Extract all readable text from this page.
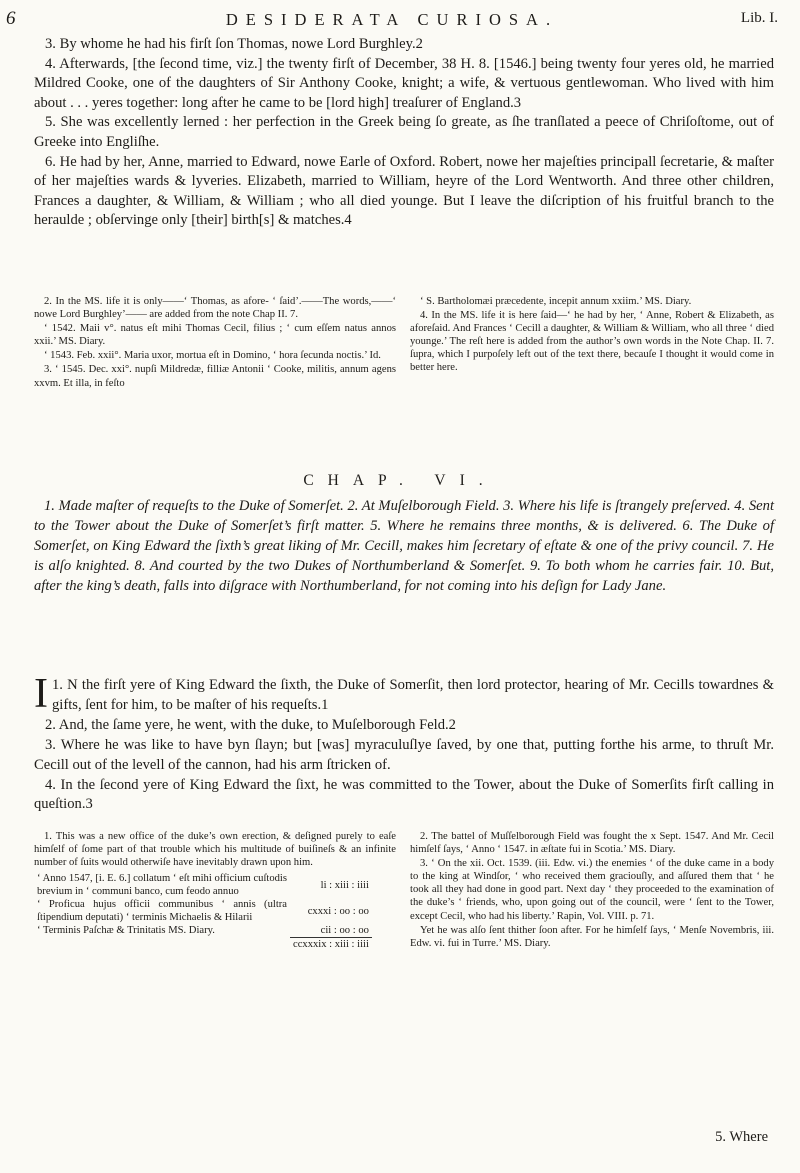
6	DESIDERATA CURIOSA.	Lib. I.

3. By whome he had his firſt ſon Thomas, nowe Lord Burghley.2

4. Afterwards, [the ſecond time, viz.] the twenty firſt of December, 38 H. 8. [1546.] being twenty four yeres old, he married Mildred Cooke, one of the daughters of Sir Anthony Cooke, knight; a wife, & vertuous gentlewoman. Who lived with him about . . . yeres together: long after he came to be [lord high] treaſurer of England.3

5. She was excellently lerned : her perfection in the Greek being ſo greate, as ſhe tranſlated a peece of Chriſoſtome, out of Greeke into Engliſhe.

6. He had by her, Anne, married to Edward, nowe Earle of Oxford. Robert, nowe her majeſties principall ſecretarie, & maſter of her majeſties wards & lyveries. Elizabeth, married to William, heyre of the Lord Wentworth. And three other children, Frances a daughter, & William, & William ; who all died younge. But I leave the diſcription of his fruitful branch to the heraulde ; obſervinge only [their] birth[s] & matches.4

2. In the MS. life it is only——‘ Thomas, as afore- ‘ ſaid’.——The words,——‘ nowe Lord Burghley’—— are added from the note Chap II. 7.

‘ 1542. Maii v°. natus eſt mihi Thomas Cecil, filius ; ‘ cum eſſem natus annos xxii.’ MS. Diary.

‘ 1543. Feb. xxii°. Maria uxor, mortua eſt in Domino, ‘ hora ſecunda noctis.’ Id.

3. ‘ 1545. Dec. xxi°. nupſi Mildredæ, filliæ Antonii ‘ Cooke, militis, annum agens xxvm. Et illa, in feſto

‘ S. Bartholomæi præcedente, incepit annum xxiim.’ MS. Diary.

4. In the MS. life it is here ſaid—‘ he had by her, ‘ Anne, Robert & Elizabeth, as aforeſaid. And Frances ‘ Cecill a daughter, & William & William, who all three ‘ died younge.’ The reſt here is added from the author’s own words in the Note Chap. II. 7. ſupra, which I purpoſely left out of the text there, becauſe I thought it would come in better here.

CHAP. VI.

1. Made maſter of requeſts to the Duke of Somerſet. 2. At Muſelborough Field. 3. Where his life is ſtrangely preſerved. 4. Sent to the Tower about the Duke of Somerſet’s firſt matter. 5. Where he remains three months, & is delivered. 6. The Duke of Somerſet, on King Edward the ſixth’s great liking of Mr. Cecill, makes him ſecretary of eſtate & one of the privy council. 7. He is alſo knighted. 8. And courted by the two Dukes of Northumberland & Somerſet. 9. To both whom he carries fair. 10. But, after the king’s death, falls into diſgrace with Northumberland, for not coming into his deſign for Lady Jane.

1.
I N the firſt yere of King Edward the ſixth, the Duke of Somerſit, then lord protector, hearing of Mr. Cecills towardnes & gifts, ſent for him, to be maſter of his requeſts.1

2. And, the ſame yere, he went, with the duke, to Muſelborough Feld.2

3. Where he was like to have byn ſlayn; but [was] myraculuſlye ſaved, by one that, putting forthe his arme, to thruſt Mr. Cecill out of the levell of the cannon, had his arm ſtricken of.

4. In the ſecond yere of King Edward the ſixt, he was committed to the Tower, about the Duke of Somerſits firſt calling in queſtion.3

1. This was a new office of the duke’s own erection, & deſigned purely to eaſe himſelf of ſome part of that trouble which his multitude of buiſineſs & an infinite number of ſuits would otherwiſe have inevitably drawn upon him.

‘ Anno 1547, [i. E. 6.] collatum ‘ eſt mihi officium cuſtodis brevium in ‘ communi banco, cum feodo annuo	li : xiii : iiii
‘ Proficua hujus officii communibus ‘ annis (ultra ſtipendium deputati) ‘ terminis Michaelis & Hilarii	cxxxi : oo : oo
‘ Terminis Paſchæ & Trinitatis MS. Diary.	cii : oo : oo
	ccxxxix : xiii : iiii

2. The battel of Muſſelborough Field was fought the x Sept. 1547. And Mr. Cecil himſelf ſays, ‘ Anno ‘ 1547. in æſtate fui in Scotia.’ MS. Diary.

3. ‘ On the xii. Oct. 1539. (iii. Edw. vi.) the enemies ‘ of the duke came in a body to the king at Windſor, ‘ who received them graciouſly, and aſſured them that ‘ he took all they had done in good part. Next day ‘ they proceeded to the examination of the duke’s ‘ friends, who, upon going out of the council, were ‘ ſent to the Tower, except Cecil, who had his liberty.’ Rapin, Vol. VIII. p. 71.

Yet he was alſo ſent thither ſoon after. For he himſelf ſays, ‘ Menſe Novembris, iii. Edw. vi. fui in Turre.’ MS. Diary.

5. Where
